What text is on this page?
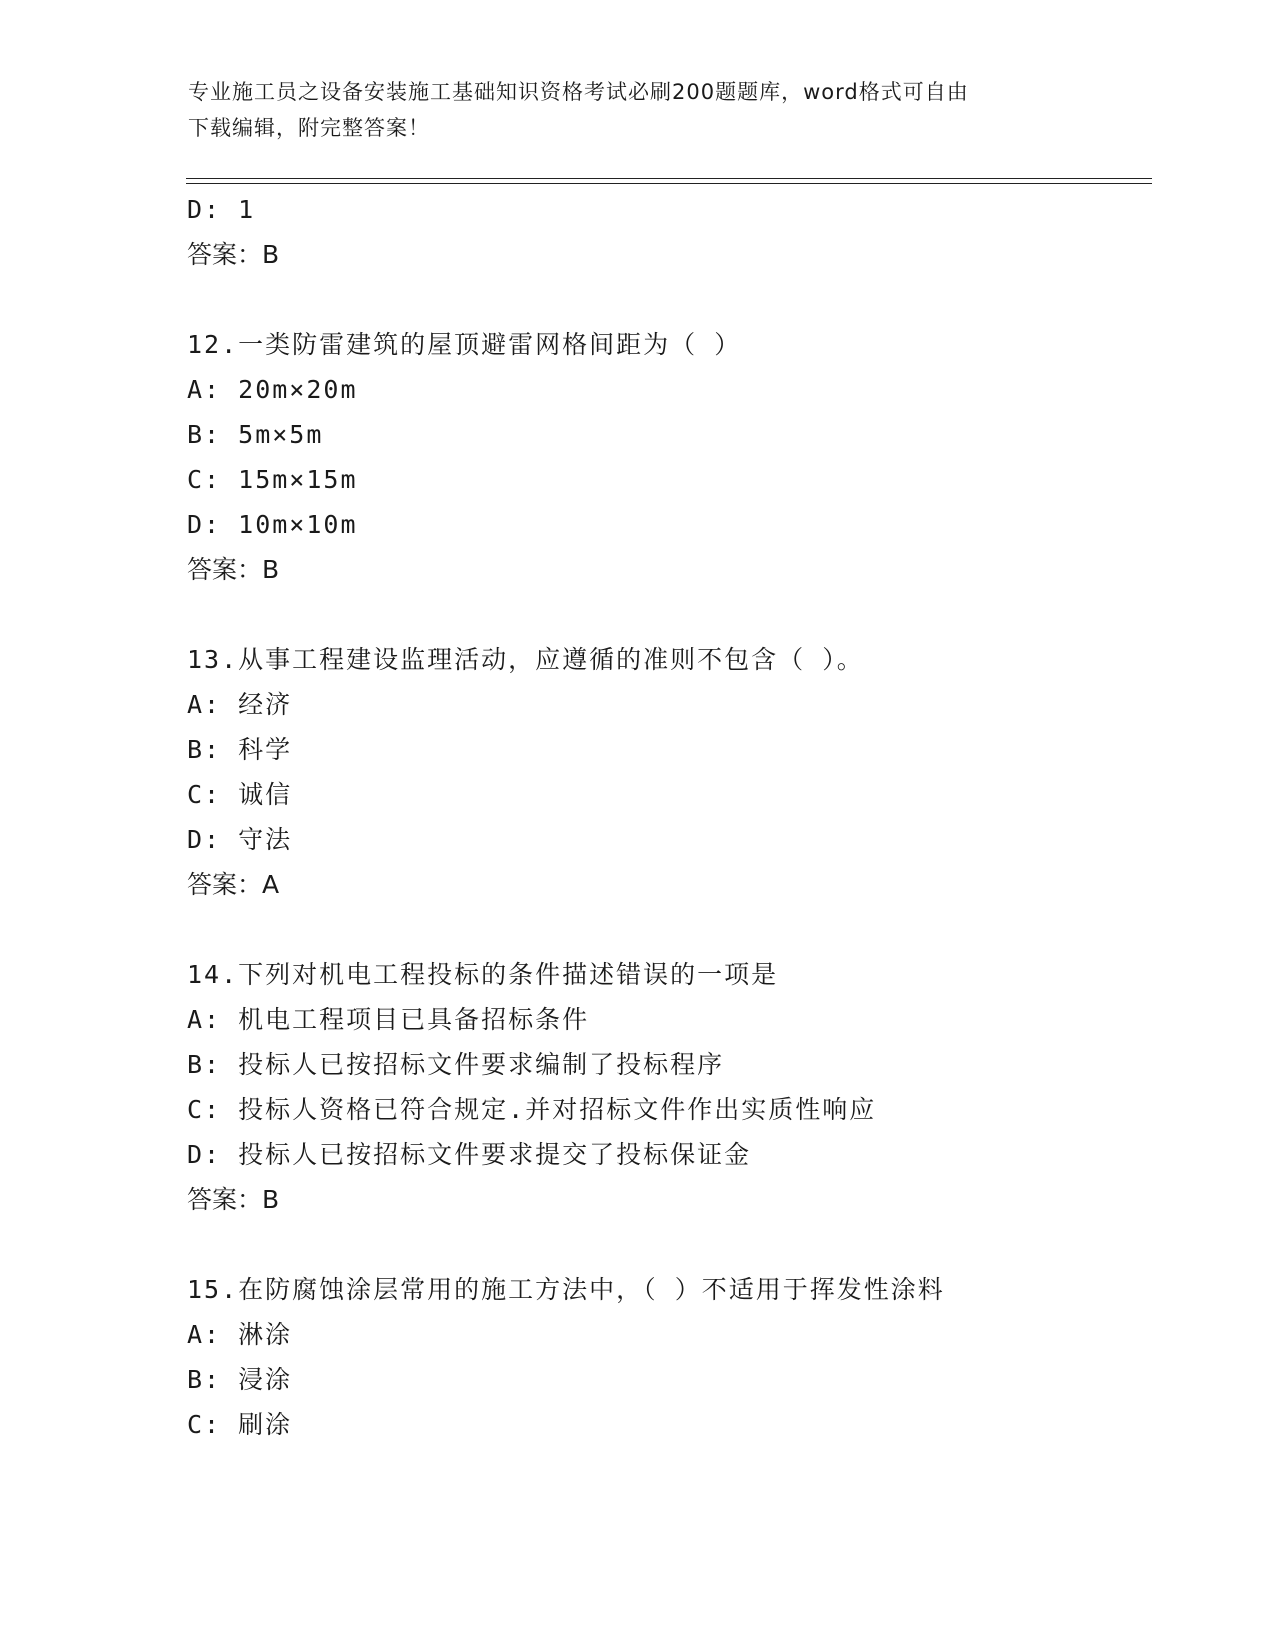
专业施工员之设备安装施工基础知识资格考试必刷200题题库，word格式可自由
下载编辑，附完整答案！
D: 1
答案：B
12.一类防雷建筑的屋顶避雷网格间距为（ ）
A: 20m×20m
B: 5m×5m
C: 15m×15m
D: 10m×10m
答案：B
13.从事工程建设监理活动，应遵循的准则不包含（ ）。
A: 经济
B: 科学
C: 诚信
D: 守法
答案：A
14.下列对机电工程投标的条件描述错误的一项是
A: 机电工程项目已具备招标条件
B: 投标人已按招标文件要求编制了投标程序
C: 投标人资格已符合规定.并对招标文件作出实质性响应
D: 投标人已按招标文件要求提交了投标保证金
答案：B
15.在防腐蚀涂层常用的施工方法中，（ ）不适用于挥发性涂料
A: 淋涂
B: 浸涂
C: 刷涂
